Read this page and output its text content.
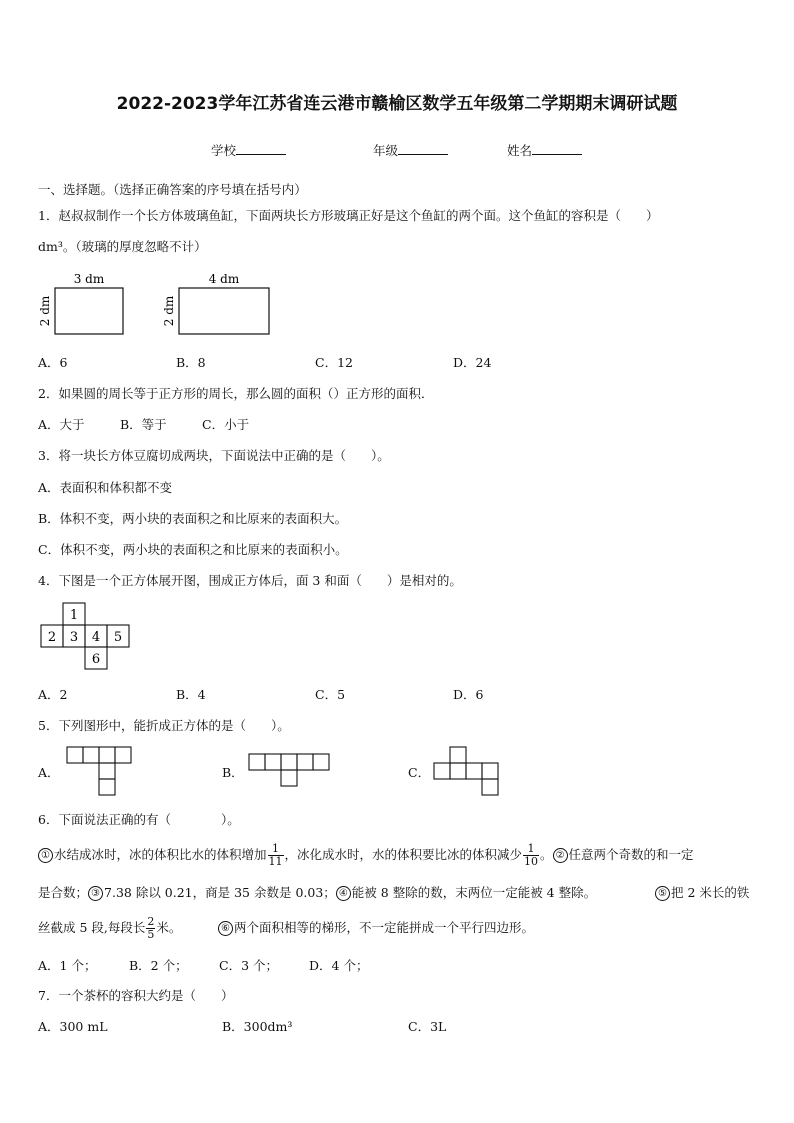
2022-2023学年江苏省连云港市赣榆区数学五年级第二学期期末调研试题
学校	年级	姓名
一、选择题。（选择正确答案的序号填在括号内）
1．赵叔叔制作一个长方体玻璃鱼缸，下面两块长方形玻璃正好是这个鱼缸的两个面。这个鱼缸的容积是（　　）
dm³。（玻璃的厚度忽略不计）
3 dm
2 dm
4 dm
2 dm
A．6	B．8	C．12	D．24
2．如果圆的周长等于正方形的周长，那么圆的面积（）正方形的面积．
A．大于	B．等于	C．小于
3．将一块长方体豆腐切成两块，下面说法中正确的是（　　）。
A．表面积和体积都不变
B．体积不变，两小块的表面积之和比原来的表面积大。
C．体积不变，两小块的表面积之和比原来的表面积小。
4．下图是一个正方体展开图，围成正方体后，面 3 和面（　　）是相对的。
1
2 3 4 5
6
A．2	B．4	C．5	D．6
5．下列图形中，能折成正方体的是（　　）。
A．	B．	C．
6．下面说法正确的有（　　　　）。
① 水结成冰时，冰的体积比水的体积增加 $\frac{1}{11}$ ，冰化成水时，水的体积要比冰的体积减少 $\frac{1}{10}$ 。 ② 任意两个奇数的和一定
是合数； ③ 7.38 除以 0.21，商是 35 余数是 0.03； ④ 能被 8 整除的数，末两位一定能被 4 整除。	⑤ 把 2 米长的铁
丝截成 5 段,每段长 $\frac{2}{5}$ 米。	⑥ 两个面积相等的梯形，不一定能拼成一个平行四边形。
A．1 个；	B．2 个；	C．3 个； D．4 个；
7．一个茶杯的容积大约是（　　）
A．300 mL	B．300dm³	C．3L
